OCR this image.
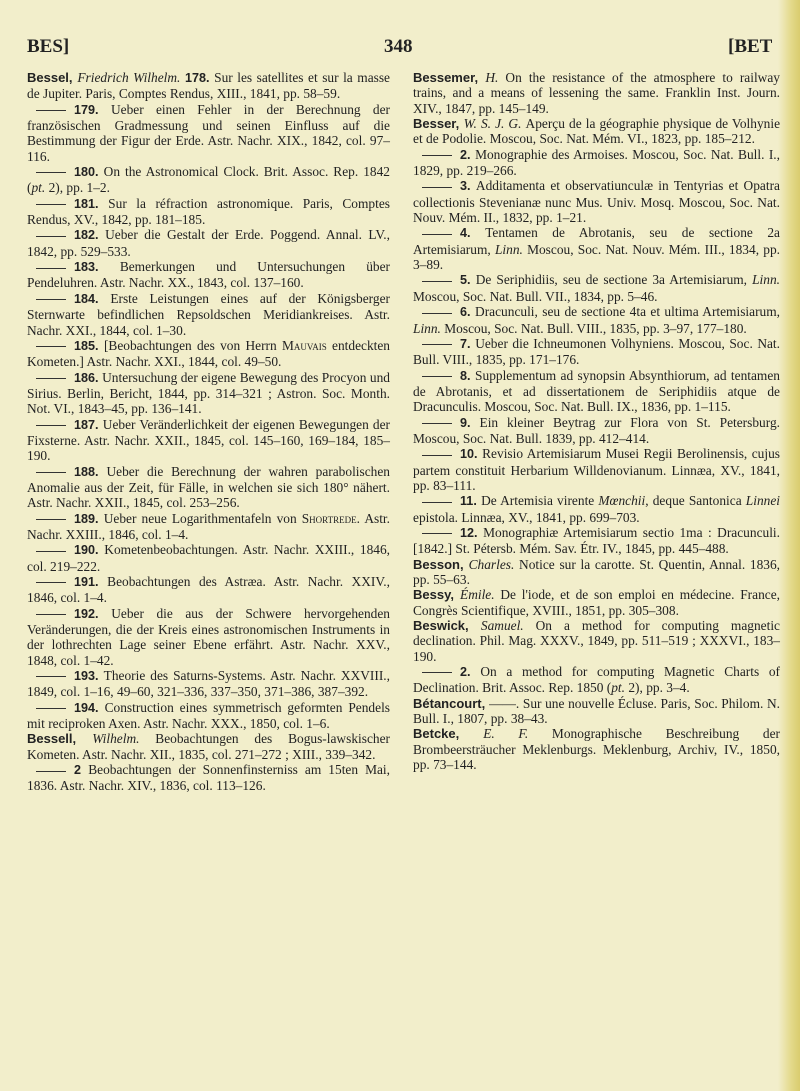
BES]	348	[BET

Bessel, Friedrich Wilhelm. 178. Sur les satellites et sur la masse de Jupiter. Paris, Comptes Rendus, XIII., 1841, pp. 58–59.

179. Ueber einen Fehler in der Berechnung der französischen Gradmessung und seinen Einfluss auf die Bestimmung der Figur der Erde. Astr. Nachr. XIX., 1842, col. 97–116.

180. On the Astronomical Clock. Brit. Assoc. Rep. 1842 (pt. 2), pp. 1–2.

181. Sur la réfraction astronomique. Paris, Comptes Rendus, XV., 1842, pp. 181–185.

182. Ueber die Gestalt der Erde. Poggend. Annal. LV., 1842, pp. 529–533.

183. Bemerkungen und Untersuchungen über Pendeluhren. Astr. Nachr. XX., 1843, col. 137–160.

184. Erste Leistungen eines auf der Königsberger Sternwarte befindlichen Repsoldschen Meridiankreises. Astr. Nachr. XXI., 1844, col. 1–30.

185. [Beobachtungen des von Herrn Mauvais entdeckten Kometen.] Astr. Nachr. XXI., 1844, col. 49–50.

186. Untersuchung der eigene Bewegung des Procyon und Sirius. Berlin, Bericht, 1844, pp. 314–321 ; Astron. Soc. Month. Not. VI., 1843–45, pp. 136–141.

187. Ueber Veränderlichkeit der eigenen Bewegungen der Fixsterne. Astr. Nachr. XXII., 1845, col. 145–160, 169–184, 185–190.

188. Ueber die Berechnung der wahren parabolischen Anomalie aus der Zeit, für Fälle, in welchen sie sich 180° nähert. Astr. Nachr. XXII., 1845, col. 253–256.

189. Ueber neue Logarithmentafeln von Shortrede. Astr. Nachr. XXIII., 1846, col. 1–4.

190. Kometenbeobachtungen. Astr. Nachr. XXIII., 1846, col. 219–222.

191. Beobachtungen des Astræa. Astr. Nachr. XXIV., 1846, col. 1–4.

192. Ueber die aus der Schwere hervorgehenden Veränderungen, die der Kreis eines astronomischen Instruments in der lothrechten Lage seiner Ebene erfährt. Astr. Nachr. XXV., 1848, col. 1–42.

193. Theorie des Saturns-Systems. Astr. Nachr. XXVIII., 1849, col. 1–16, 49–60, 321–336, 337–350, 371–386, 387–392.

194. Construction eines symmetrisch geformten Pendels mit reciproken Axen. Astr. Nachr. XXX., 1850, col. 1–6.

Bessell, Wilhelm. Beobachtungen des Bogus-lawskischer Kometen. Astr. Nachr. XII., 1835, col. 271–272 ; XIII., 339–342.

2 Beobachtungen der Sonnenfinsterniss am 15ten Mai, 1836. Astr. Nachr. XIV., 1836, col. 113–126.

Bessemer, H. On the resistance of the atmosphere to railway trains, and a means of lessening the same. Franklin Inst. Journ. XIV., 1847, pp. 145–149.

Besser, W. S. J. G. Aperçu de la géographie physique de Volhynie et de Podolie. Moscou, Soc. Nat. Mém. VI., 1823, pp. 185–212.

2. Monographie des Armoises. Moscou, Soc. Nat. Bull. I., 1829, pp. 219–266.

3. Additamenta et observatiunculæ in Tentyrias et Opatra collectionis Stevenianæ nunc Mus. Univ. Mosq. Moscou, Soc. Nat. Nouv. Mém. II., 1832, pp. 1–21.

4. Tentamen de Abrotanis, seu de sectione 2a Artemisiarum, Linn. Moscou, Soc. Nat. Nouv. Mém. III., 1834, pp. 3–89.

5. De Seriphidiis, seu de sectione 3a Artemisiarum, Linn. Moscou, Soc. Nat. Bull. VII., 1834, pp. 5–46.

6. Dracunculi, seu de sectione 4ta et ultima Artemisiarum, Linn. Moscou, Soc. Nat. Bull. VIII., 1835, pp. 3–97, 177–180.

7. Ueber die Ichneumonen Volhyniens. Moscou, Soc. Nat. Bull. VIII., 1835, pp. 171–176.

8. Supplementum ad synopsin Absynthiorum, ad tentamen de Abrotanis, et ad dissertationem de Seriphidiis atque de Dracunculis. Moscou, Soc. Nat. Bull. IX., 1836, pp. 1–115.

9. Ein kleiner Beytrag zur Flora von St. Petersburg. Moscou, Soc. Nat. Bull. 1839, pp. 412–414.

10. Revisio Artemisiarum Musei Regii Berolinensis, cujus partem constituit Herbarium Willdenovianum. Linnæa, XV., 1841, pp. 83–111.

11. De Artemisia virente Mœnchii, deque Santonica Linnei epistola. Linnæa, XV., 1841, pp. 699–703.

12. Monographiæ Artemisiarum sectio 1ma : Dracunculi. [1842.] St. Pétersb. Mém. Sav. Étr. IV., 1845, pp. 445–488.

Besson, Charles. Notice sur la carotte. St. Quentin, Annal. 1836, pp. 55–63.

Bessy, Émile. De l'iode, et de son emploi en médecine. France, Congrès Scientifique, XVIII., 1851, pp. 305–308.

Beswick, Samuel. On a method for computing magnetic declination. Phil. Mag. XXXV., 1849, pp. 511–519 ; XXXVI., 183–190.

2. On a method for computing Magnetic Charts of Declination. Brit. Assoc. Rep. 1850 (pt. 2), pp. 3–4.

Bétancourt, ——. Sur une nouvelle Écluse. Paris, Soc. Philom. N. Bull. I., 1807, pp. 38–43.

Betcke, E. F. Monographische Beschreibung der Brombeersträucher Meklenburgs. Meklenburg, Archiv, IV., 1850, pp. 73–144.
